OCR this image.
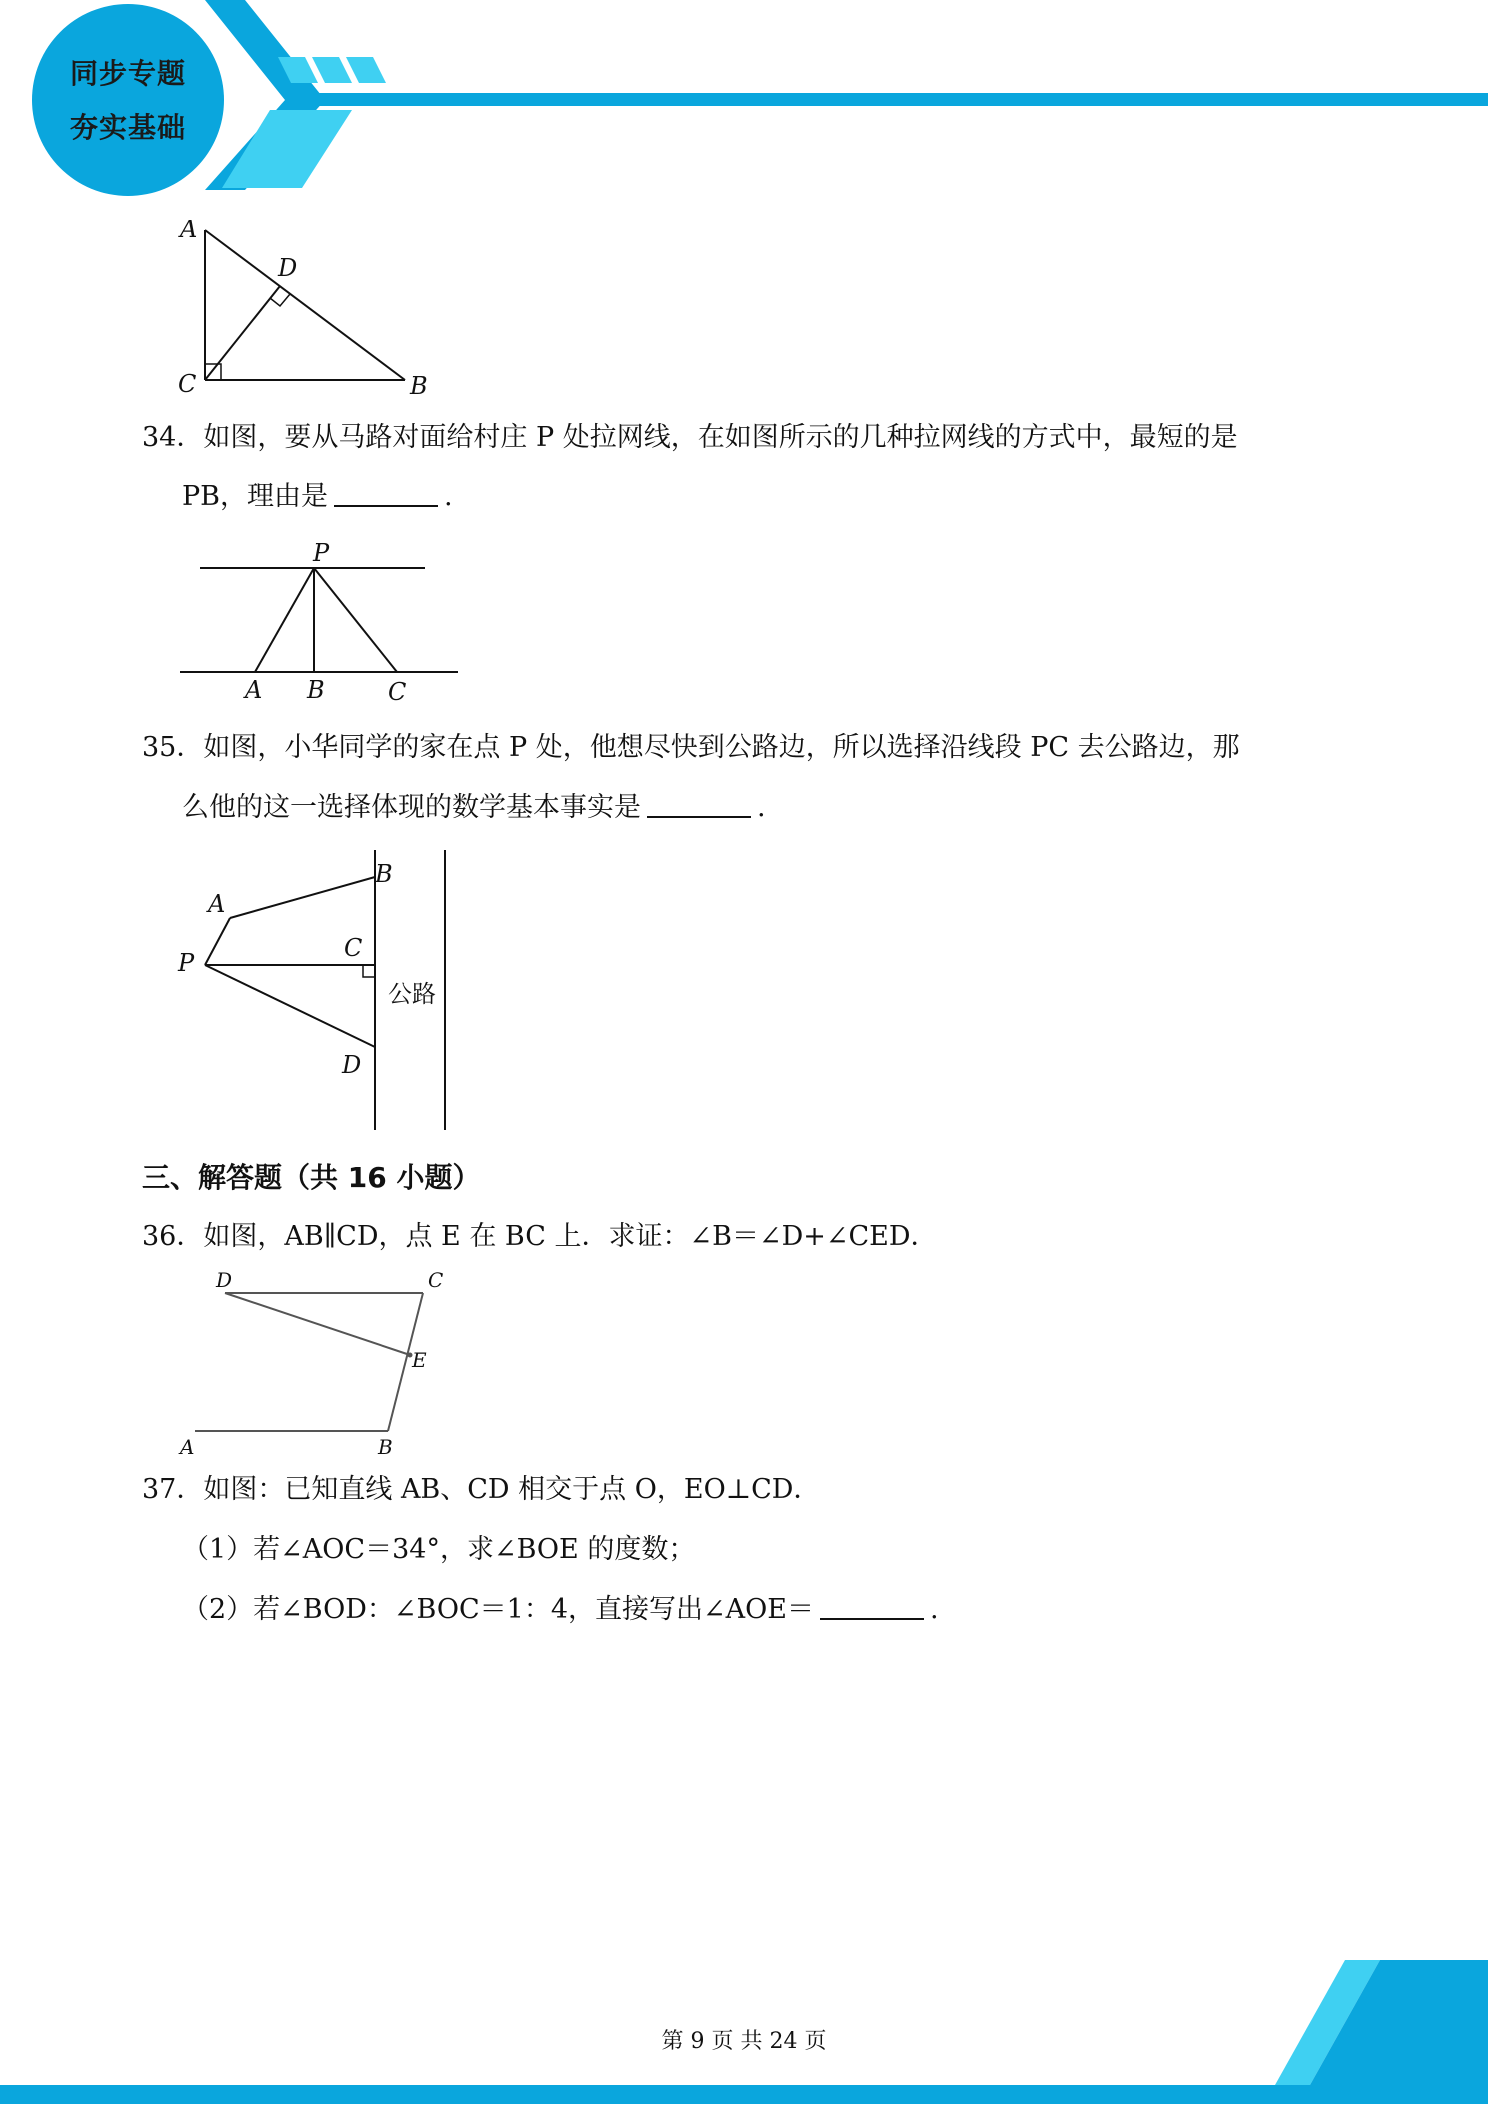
同步专题
夯实基础
A
D
C	B
34．如图，要从马路对面给村庄 P 处拉网线，在如图所示的几种拉网线的方式中，最短的是
PB，理由是	.
P
A B	C
35．如图，小华同学的家在点 P 处，他想尽快到公路边，所以选择沿线段 PC 去公路边，那
么他的这一选择体现的数学基本事实是	.
B
A
C
P
D
公路
三、解答题（共 16 小题）
36．如图，AB∥CD，点 E 在 BC 上．求证：∠B＝∠D+∠CED．
D	C
E
A	B
37．如图：已知直线 AB、CD 相交于点 O，EO⊥CD．
（1）若∠AOC＝34°，求∠BOE 的度数；
（2）若∠BOD：∠BOC＝1：4，直接写出∠AOE＝	.
第 9 页 共 24 页
